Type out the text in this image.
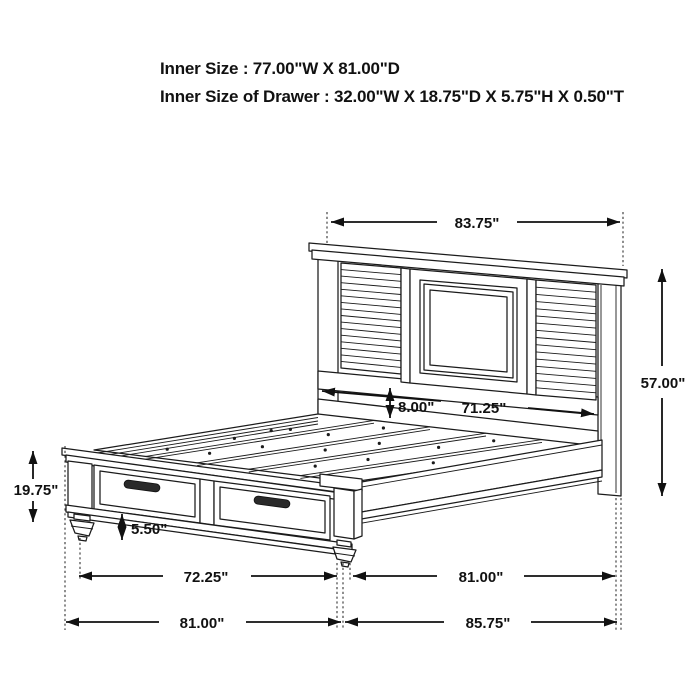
Inner Size : 77.00"W X 81.00"D
Inner Size of Drawer : 32.00"W X 18.75"D X 5.75"H X 0.50"T
83.75"
57.00"
8.00" 71.25"
19.75"
5.50"
72.25"	81.00"
81.00"	85.75"
